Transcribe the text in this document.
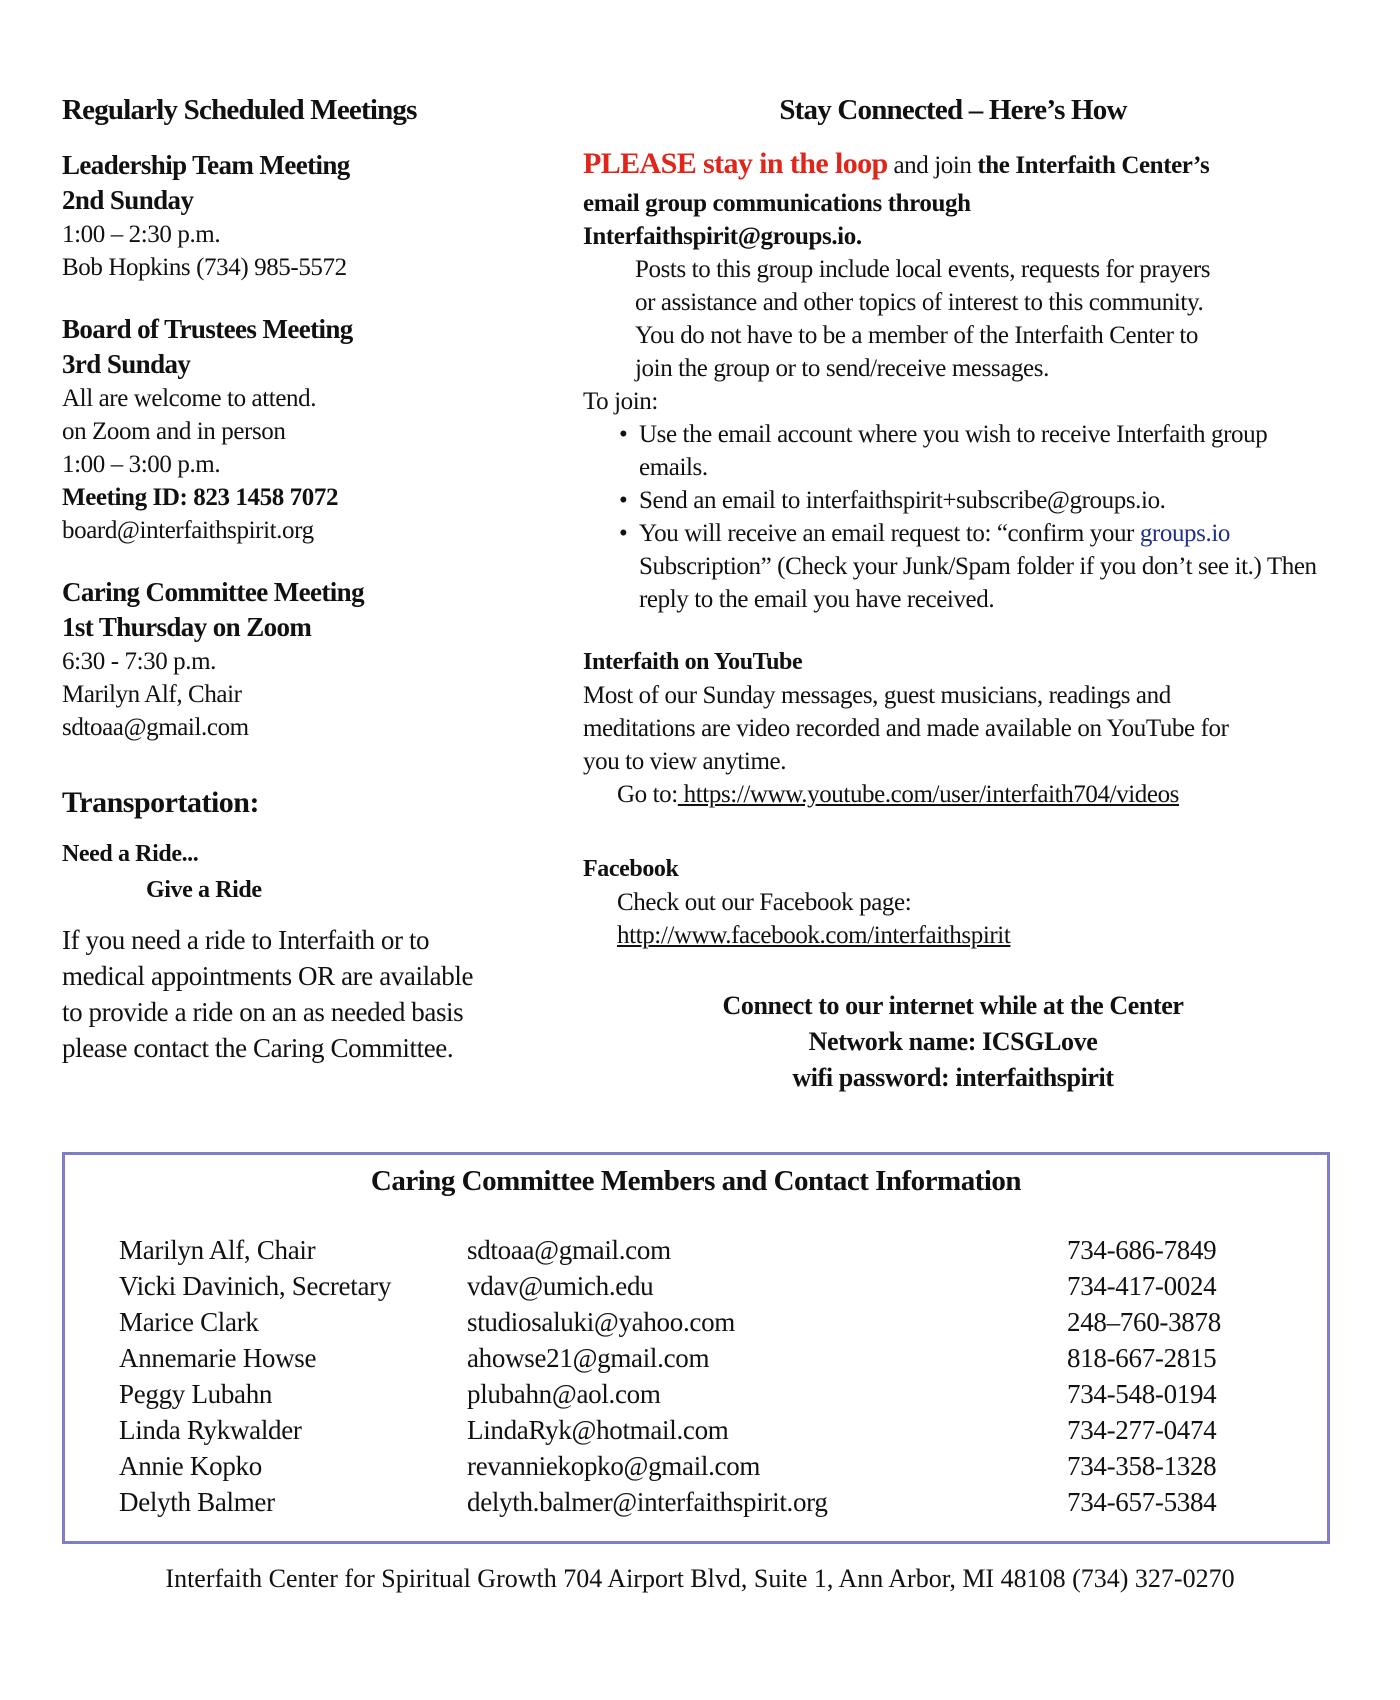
Regularly Scheduled Meetings
Leadership Team Meeting
2nd Sunday
1:00 – 2:30 p.m.
Bob Hopkins (734) 985-5572
Board of Trustees Meeting
3rd Sunday
All are welcome to attend.
on Zoom and in person
1:00 – 3:00 p.m.
Meeting ID: 823 1458 7072
board@interfaithspirit.org
Caring Committee Meeting
1st Thursday on Zoom
6:30 - 7:30 p.m.
Marilyn Alf, Chair
sdtoaa@gmail.com
Transportation:
Need a Ride...
Give a Ride
If you need a ride to Interfaith or to
medical appointments OR are available
to provide a ride on an as needed basis
please contact the Caring Committee.
Stay Connected – Here’s How
PLEASE stay in the loop and join the Interfaith Center’s
email group communications through
Interfaithspirit@groups.io.
Posts to this group include local events, requests for prayers
or assistance and other topics of interest to this community.
You do not have to be a member of the Interfaith Center to
join the group or to send/receive messages.
To join:
• Use the email account where you wish to receive Interfaith group emails.
• Send an email to interfaithspirit+subscribe@groups.io.
• You will receive an email request to: “confirm your groups.io Subscription” (Check your Junk/Spam folder if you don’t see it.) Then reply to the email you have received.
Interfaith on YouTube
Most of our Sunday messages, guest musicians, readings and
meditations are video recorded and made available on YouTube for
you to view anytime.
Go to: https://www.youtube.com/user/interfaith704/videos
Facebook
Check out our Facebook page:
http://www.facebook.com/interfaithspirit
Connect to our internet while at the Center
Network name: ICSGLove
wifi password: interfaithspirit
Caring Committee Members and Contact Information
Marilyn Alf, Chair	sdtoaa@gmail.com	734-686-7849
Vicki Davinich, Secretary	vdav@umich.edu	734-417-0024
Marice Clark	studiosaluki@yahoo.com	248–760-3878
Annemarie Howse	ahowse21@gmail.com	818-667-2815
Peggy Lubahn	plubahn@aol.com	734-548-0194
Linda Rykwalder	LindaRyk@hotmail.com	734-277-0474
Annie Kopko	revanniekopko@gmail.com	734-358-1328
Delyth Balmer	delyth.balmer@interfaithspirit.org	734-657-5384
Interfaith Center for Spiritual Growth 704 Airport Blvd, Suite 1, Ann Arbor, MI 48108 (734) 327-0270
